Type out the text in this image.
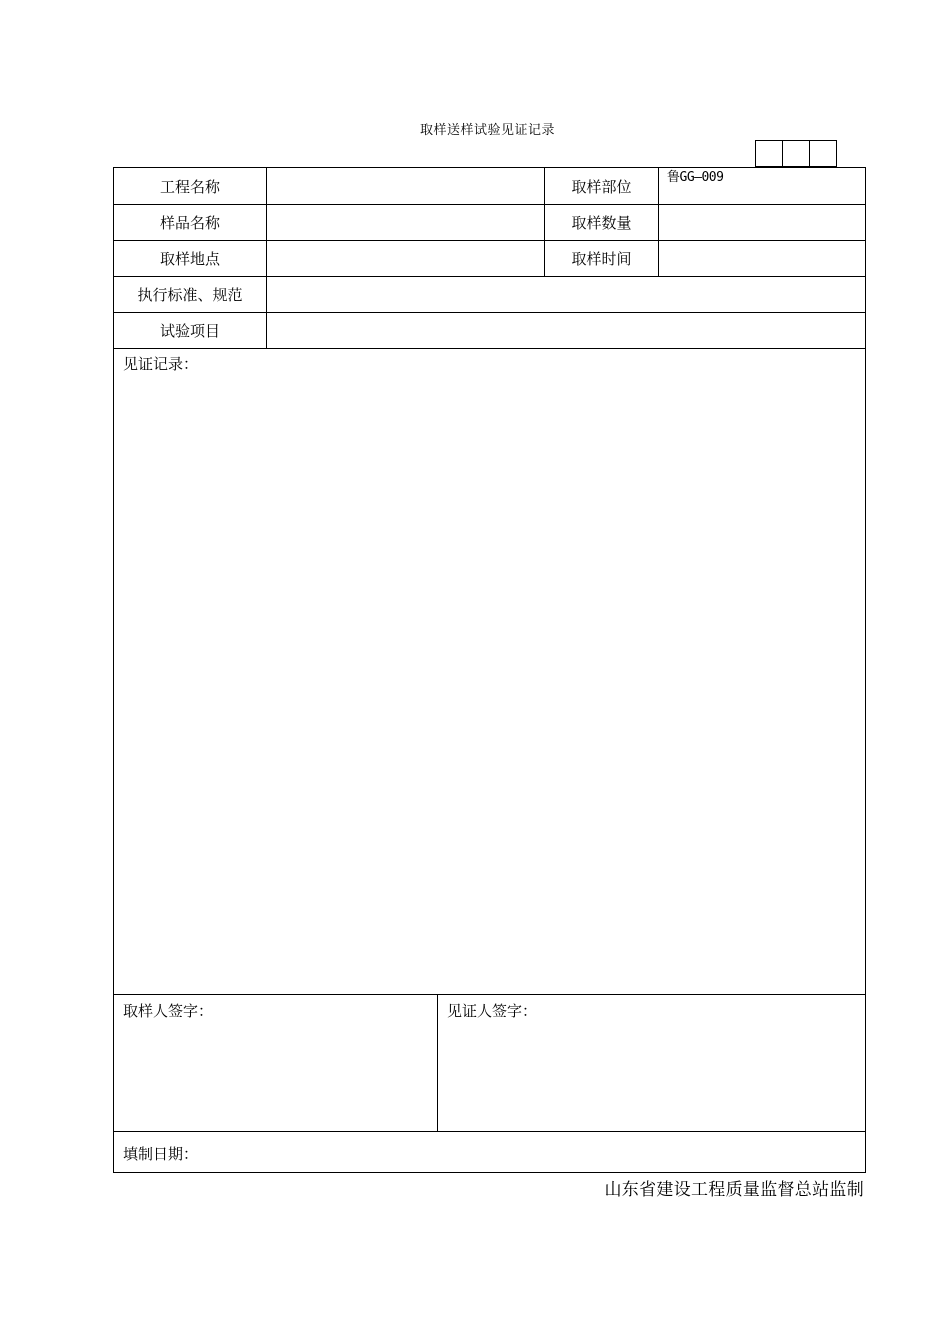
取样送样试验见证记录
鲁GG—009
工程名称	取样部位
样品名称	取样数量
取样地点	取样时间
执行标准、规范
试验项目
见证记录：
取样人签字：	见证人签字：
填制日期：
山东省建设工程质量监督总站监制
